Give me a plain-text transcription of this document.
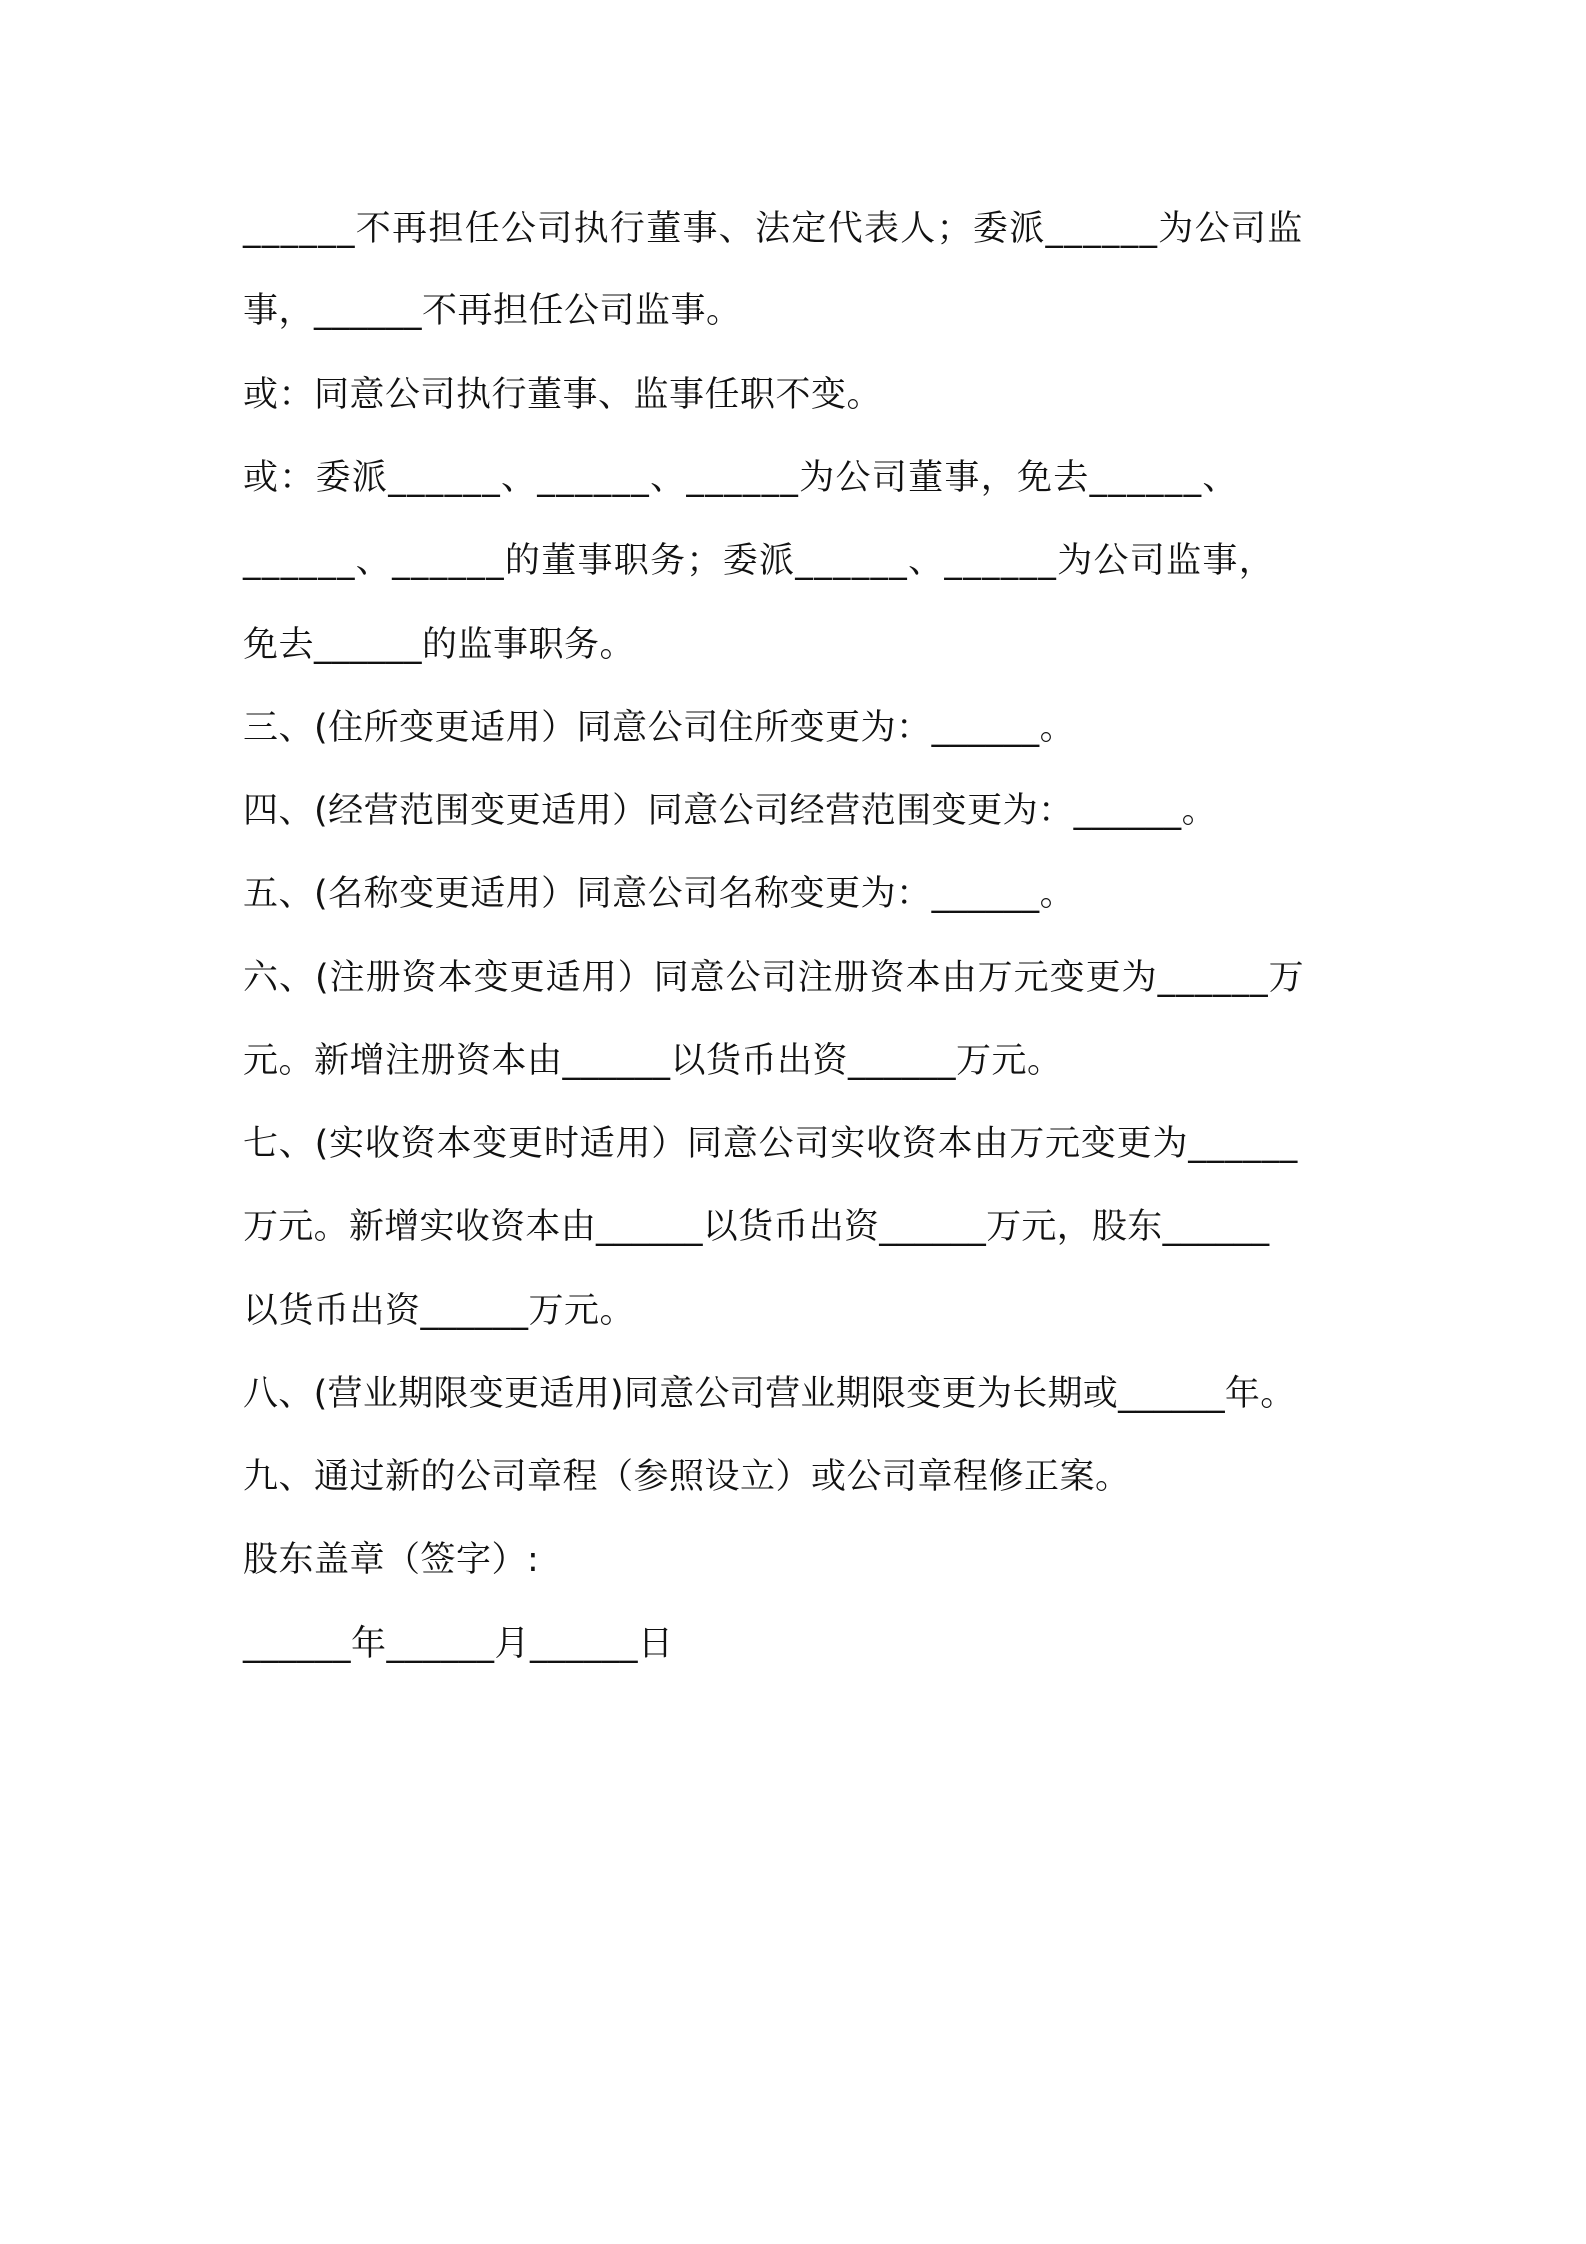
______不再担任公司执行董事、法定代表人；委派______为公司监
事，______不再担任公司监事。
或：同意公司执行董事、监事任职不变。
或：委派______、______、______为公司董事，免去______、
______、______的董事职务；委派______、______为公司监事，
免去______的监事职务。
三、(住所变更适用）同意公司住所变更为：______。
四、(经营范围变更适用）同意公司经营范围变更为：______。
五、(名称变更适用）同意公司名称变更为：______。
六、(注册资本变更适用）同意公司注册资本由万元变更为______万
元。新增注册资本由______以货币出资______万元。
七、(实收资本变更时适用）同意公司实收资本由万元变更为______
万元。新增实收资本由______以货币出资______万元，股东______
以货币出资______万元。
八、(营业期限变更适用)同意公司营业期限变更为长期或______年。
九、通过新的公司章程（参照设立）或公司章程修正案。
股东盖章（签字）:
______年______月______日
